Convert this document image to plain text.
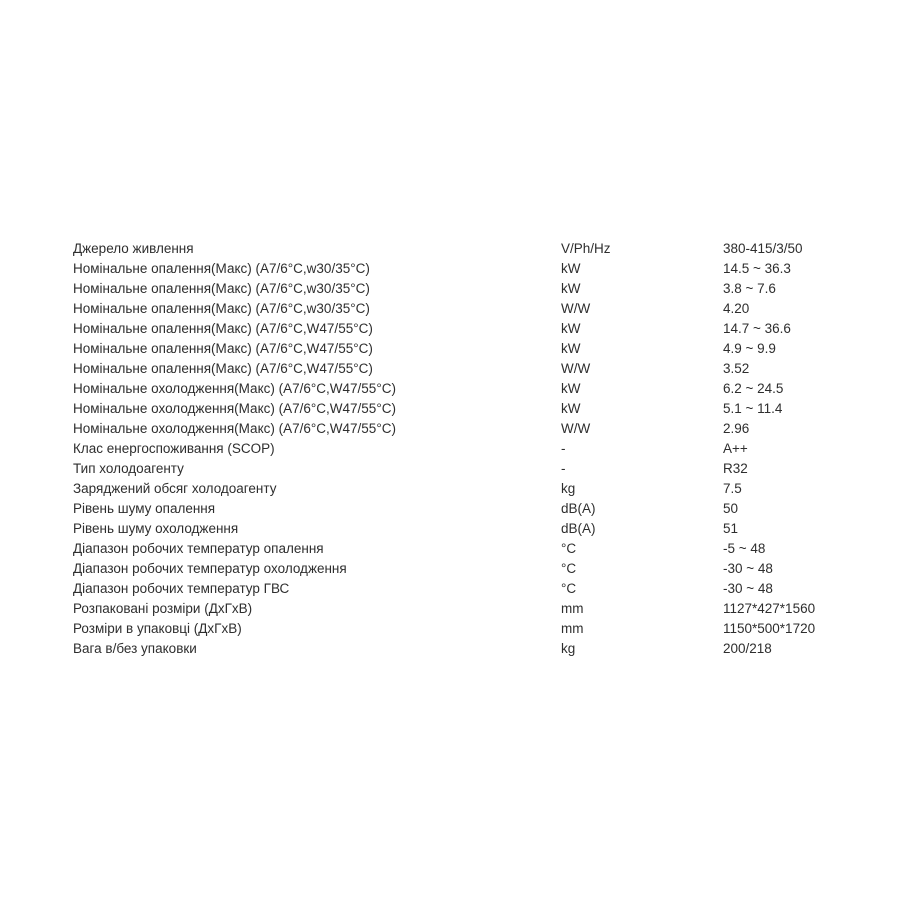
Джерело живлення	V/Ph/Hz	380-415/3/50
Номінальне опалення(Макс) (A7/6°C,w30/35°C)	kW	14.5 ~ 36.3
Номінальне опалення(Макс) (A7/6°C,w30/35°C)	kW	3.8 ~ 7.6
Номінальне опалення(Макс) (A7/6°C,w30/35°C)	W/W	4.20
Номінальне опалення(Макс) (A7/6°C,W47/55°C)	kW	14.7 ~ 36.6
Номінальне опалення(Макс) (A7/6°C,W47/55°C)	kW	4.9 ~ 9.9
Номінальне опалення(Макс) (A7/6°C,W47/55°C)	W/W	3.52
Номінальне охолодження(Макс) (A7/6°C,W47/55°C)	kW	6.2 ~ 24.5
Номінальне охолодження(Макс) (A7/6°C,W47/55°C)	kW	5.1 ~ 11.4
Номінальне охолодження(Макс) (A7/6°C,W47/55°C)	W/W	2.96
Клас енергоспоживання (SCOP)	-	A++
Тип холодоагенту	-	R32
Заряджений обсяг холодоагенту	kg	7.5
Рівень шуму опалення	dB(A)	50
Рівень шуму охолодження	dB(A)	51
Діапазон робочих температур опалення	°C	-5 ~ 48
Діапазон робочих температур охолодження	°C	-30 ~ 48
Діапазон робочих температур ГВС	°C	-30 ~ 48
Розпаковані розміри (ДхГхВ)	mm	1127*427*1560
Розміри в упаковці (ДхГхВ)	mm	1150*500*1720
Вага в/без упаковки	kg	200/218
